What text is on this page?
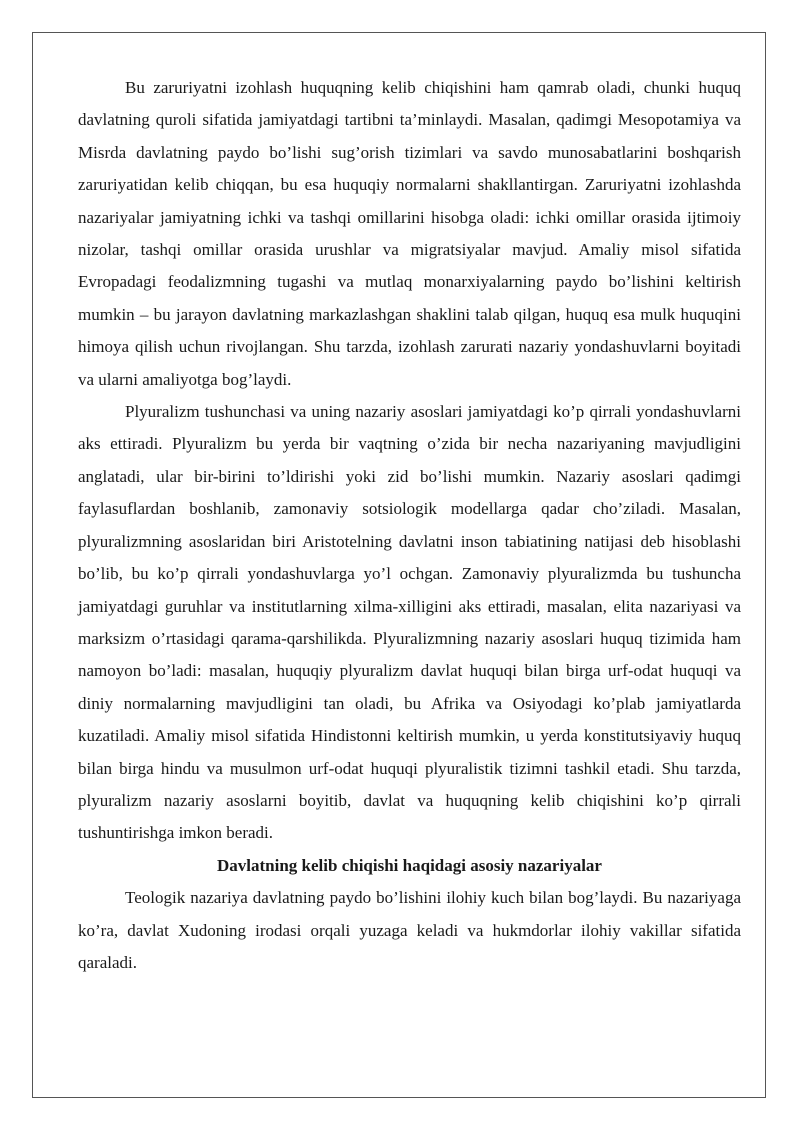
Bu zaruriyatni izohlash huquqning kelib chiqishini ham qamrab oladi, chunki huquq davlatning quroli sifatida jamiyatdagi tartibni ta’minlaydi. Masalan, qadimgi Mesopotamiya va Misrda davlatning paydo bo’lishi sug’orish tizimlari va savdo munosabatlarini boshqarish zaruriyatidan kelib chiqqan, bu esa huquqiy normalarni shakllantirgan. Zaruriyatni izohlashda nazariyalar jamiyatning ichki va tashqi omillarini hisobga oladi: ichki omillar orasida ijtimoiy nizolar, tashqi omillar orasida urushlar va migratsiyalar mavjud. Amaliy misol sifatida Evropadagi feodalizmning tugashi va mutlaq monarxiyalarning paydo bo’lishini keltirish mumkin – bu jarayon davlatning markazlashgan shaklini talab qilgan, huquq esa mulk huquqini himoya qilish uchun rivojlangan. Shu tarzda, izohlash zarurati nazariy yondashuvlarni boyitadi va ularni amaliyotga bog’laydi.

Plyuralizm tushunchasi va uning nazariy asoslari jamiyatdagi ko’p qirrali yondashuvlarni aks ettiradi. Plyuralizm bu yerda bir vaqtning o’zida bir necha nazariyaning mavjudligini anglatadi, ular bir-birini to’ldirishi yoki zid bo’lishi mumkin. Nazariy asoslari qadimgi faylasuflardan boshlanib, zamonaviy sotsiologik modellarga qadar cho’ziladi. Masalan, plyuralizmning asoslaridan biri Aristotelning davlatni inson tabiatining natijasi deb hisoblashi bo’lib, bu ko’p qirrali yondashuvlarga yo’l ochgan. Zamonaviy plyuralizmda bu tushuncha jamiyatdagi guruhlar va institutlarning xilma-xilligini aks ettiradi, masalan, elita nazariyasi va marksizm o’rtasidagi qarama-qarshilikda. Plyuralizmning nazariy asoslari huquq tizimida ham namoyon bo’ladi: masalan, huquqiy plyuralizm davlat huquqi bilan birga urf-odat huquqi va diniy normalarning mavjudligini tan oladi, bu Afrika va Osiyodagi ko’plab jamiyatlarda kuzatiladi. Amaliy misol sifatida Hindistonni keltirish mumkin, u yerda konstitutsiyaviy huquq bilan birga hindu va musulmon urf-odat huquqi plyuralistik tizimni tashkil etadi. Shu tarzda, plyuralizm nazariy asoslarni boyitib, davlat va huquqning kelib chiqishini ko’p qirrali tushuntirishga imkon beradi.

Davlatning kelib chiqishi haqidagi asosiy nazariyalar

Teologik nazariya davlatning paydo bo’lishini ilohiy kuch bilan bog’laydi. Bu nazariyaga ko’ra, davlat Xudoning irodasi orqali yuzaga keladi va hukmdorlar ilohiy vakillar sifatida qaraladi.
